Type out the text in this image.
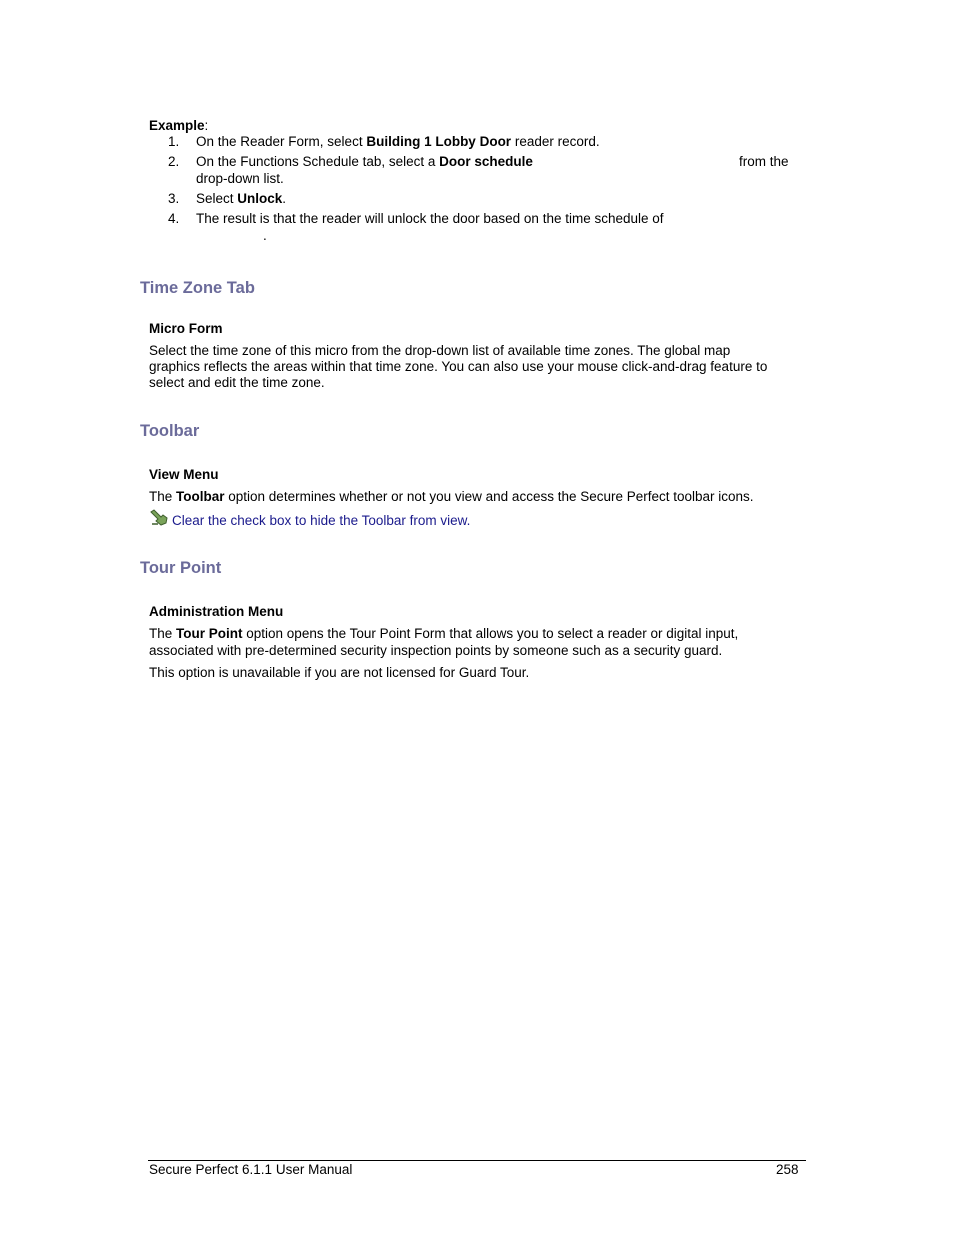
Example:
1. On the Reader Form, select Building 1 Lobby Door reader record.
2. On the Functions Schedule tab, select a Door schedule	from the
drop-down list.
3. Select Unlock.
4. The result is that the reader will unlock the door based on the time schedule of
.
Time Zone Tab
Micro Form
Select the time zone of this micro from the drop-down list of available time zones. The global map
graphics reflects the areas within that time zone. You can also use your mouse click-and-drag feature to
select and edit the time zone.
Toolbar
View Menu
The Toolbar option determines whether or not you view and access the Secure Perfect toolbar icons.
Clear the check box to hide the Toolbar from view.
Tour Point
Administration Menu
The Tour Point option opens the Tour Point Form that allows you to select a reader or digital input,
associated with pre-determined security inspection points by someone such as a security guard.
This option is unavailable if you are not licensed for Guard Tour.
Secure Perfect 6.1.1 User Manual	258
